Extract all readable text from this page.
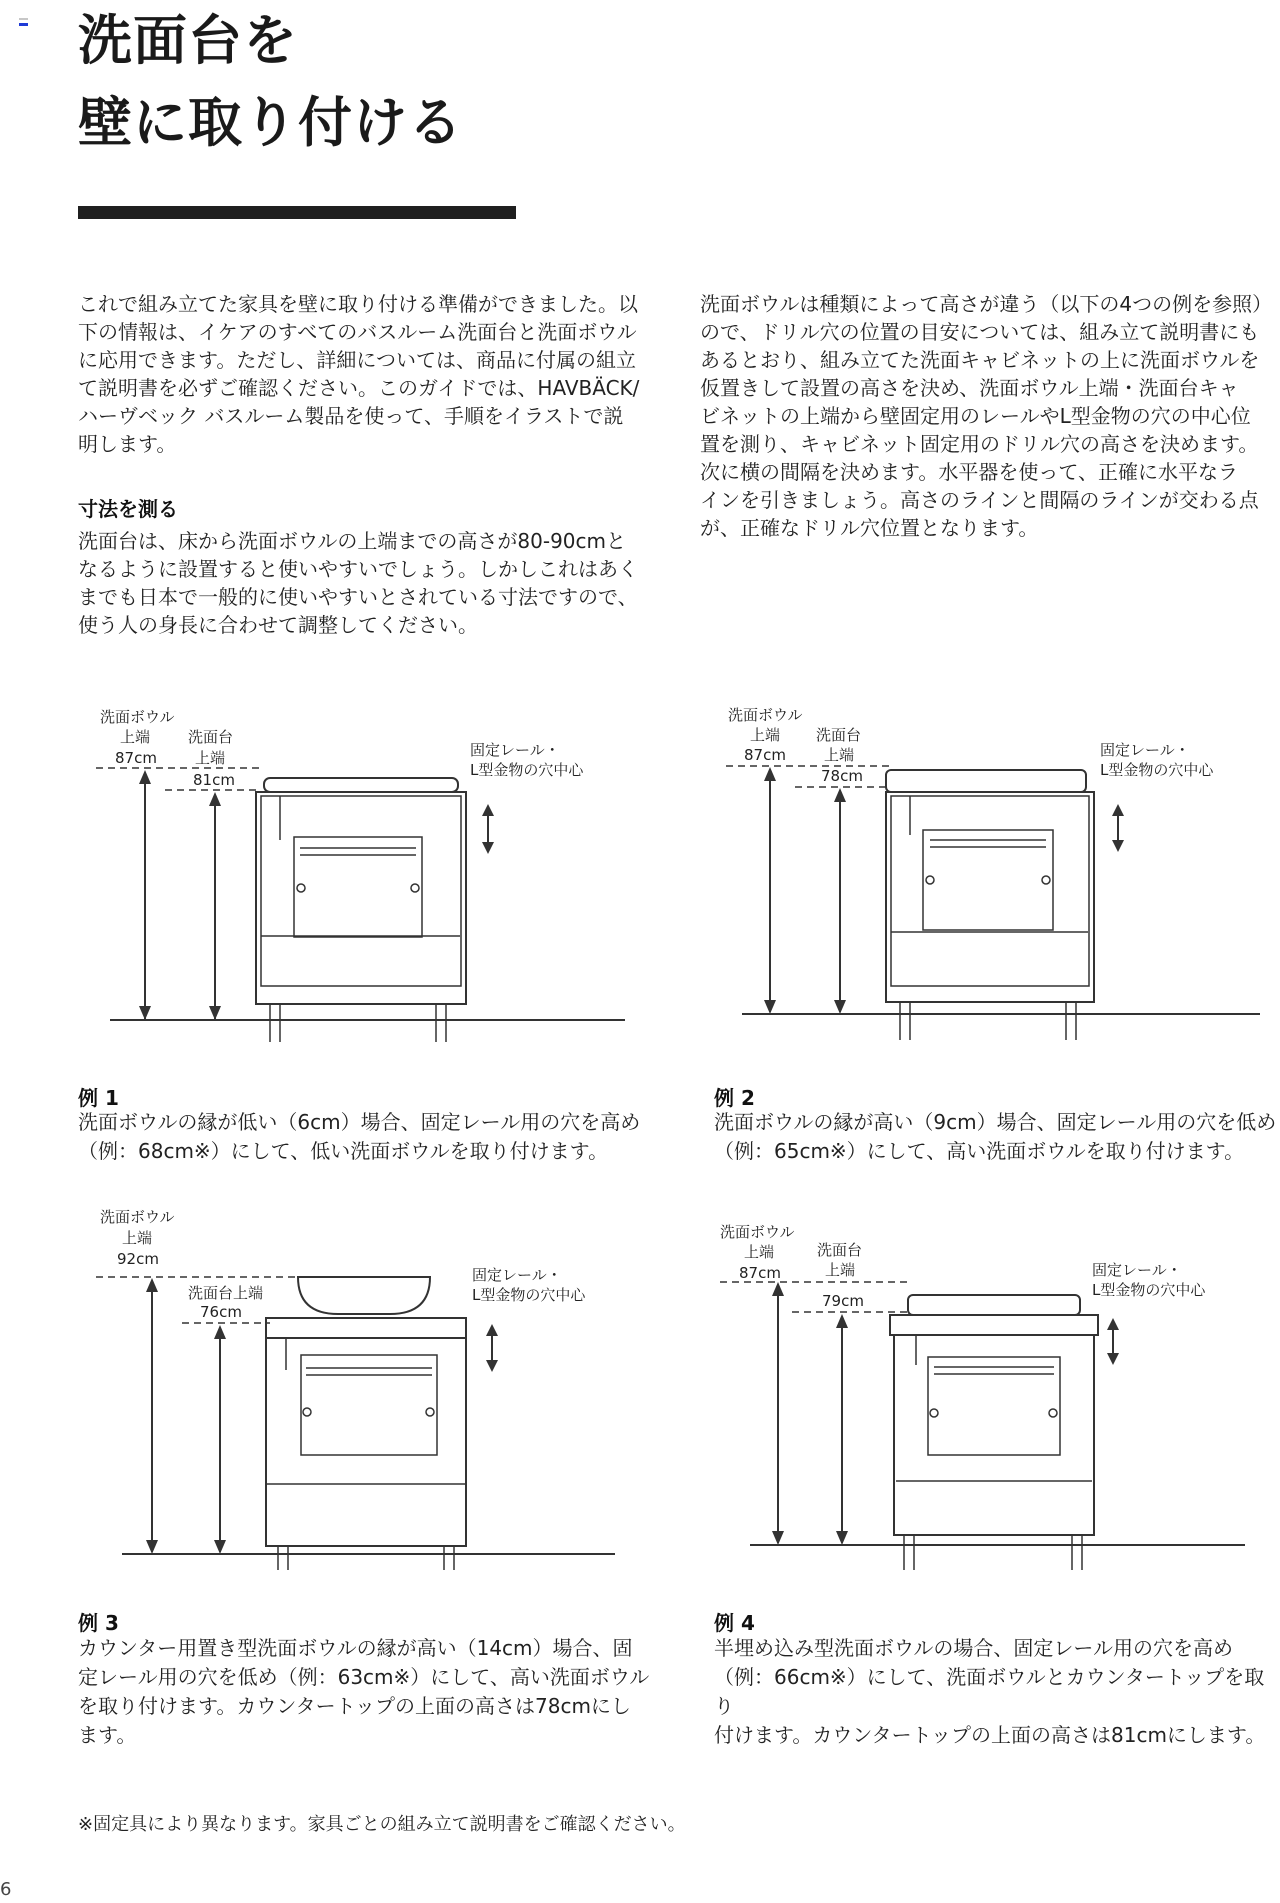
洗面台を
壁に取り付ける
これで組み立てた家具を壁に取り付ける準備ができました。以
下の情報は、イケアのすべてのバスルーム洗面台と洗面ボウル
に応用できます。ただし、詳細については、商品に付属の組立
て説明書を必ずご確認ください。このガイドでは、HAVBÄCK/
ハーヴベック バスルーム製品を使って、手順をイラストで説
明します。
寸法を測る
洗面台は、床から洗面ボウルの上端までの高さが80-90cmと
なるように設置すると使いやすいでしょう。しかしこれはあく
までも日本で一般的に使いやすいとされている寸法ですので、
使う人の身長に合わせて調整してください。
洗面ボウルは種類によって高さが違う（以下の4つの例を参照）
ので、ドリル穴の位置の目安については、組み立て説明書にも
あるとおり、組み立てた洗面キャビネットの上に洗面ボウルを
仮置きして設置の高さを決め、洗面ボウル上端・洗面台キャ
ビネットの上端から壁固定用のレールやL型金物の穴の中心位
置を測り、キャビネット固定用のドリル穴の高さを決めます。
次に横の間隔を決めます。水平器を使って、正確に水平なラ
インを引きましょう。高さのラインと間隔のラインが交わる点
が、正確なドリル穴位置となります。
洗面ボウル
上端
87cm
洗面台
上端
81cm
固定レール・
L型金物の穴中心
洗面ボウル
上端
87cm
洗面台
上端
78cm
固定レール・
L型金物の穴中心
例 1
洗面ボウルの縁が低い（6cm）場合、固定レール用の穴を高め
（例：68cm※）にして、低い洗面ボウルを取り付けます。
例 2
洗面ボウルの縁が高い（9cm）場合、固定レール用の穴を低め
（例：65cm※）にして、高い洗面ボウルを取り付けます。
洗面ボウル
上端
92cm
洗面台上端
76cm
固定レール・
L型金物の穴中心
洗面ボウル
上端
87cm
洗面台
上端
79cm
固定レール・
L型金物の穴中心
例 3
カウンター用置き型洗面ボウルの縁が高い（14cm）場合、固
定レール用の穴を低め（例：63cm※）にして、高い洗面ボウル
を取り付けます。カウンタートップの上面の高さは78cmにし
ます。
例 4
半埋め込み型洗面ボウルの場合、固定レール用の穴を高め
（例：66cm※）にして、洗面ボウルとカウンタートップを取り
付けます。カウンタートップの上面の高さは81cmにします。
※固定具により異なります。家具ごとの組み立て説明書をご確認ください。
6
